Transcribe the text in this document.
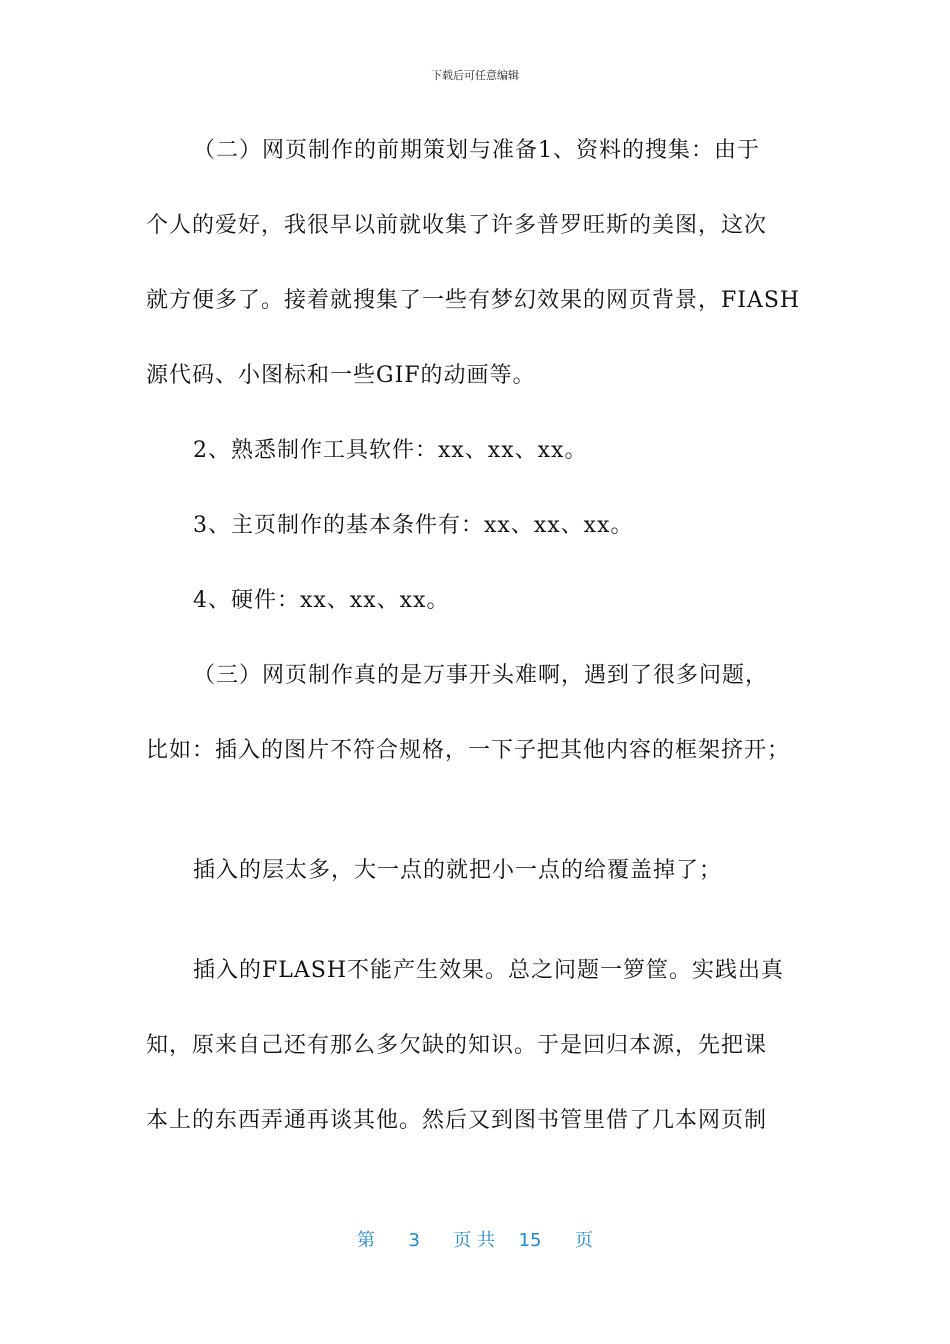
下载后可任意编辑
（二）网页制作的前期策划与准备1、资料的搜集：由于
个人的爱好，我很早以前就收集了许多普罗旺斯的美图，这次
就方便多了。接着就搜集了一些有梦幻效果的网页背景，FIASH
源代码、小图标和一些GIF的动画等。
2、熟悉制作工具软件：xx、xx、xx。
3、主页制作的基本条件有：xx、xx、xx。
4、硬件：xx、xx、xx。
（三）网页制作真的是万事开头难啊，遇到了很多问题，
比如：插入的图片不符合规格，一下子把其他内容的框架挤开；
插入的层太多，大一点的就把小一点的给覆盖掉了；
插入的FLASH不能产生效果。总之问题一箩筐。实践出真
知，原来自己还有那么多欠缺的知识。于是回归本源，先把课
本上的东西弄通再谈其他。然后又到图书管里借了几本网页制
第 3 页 共 15 页
